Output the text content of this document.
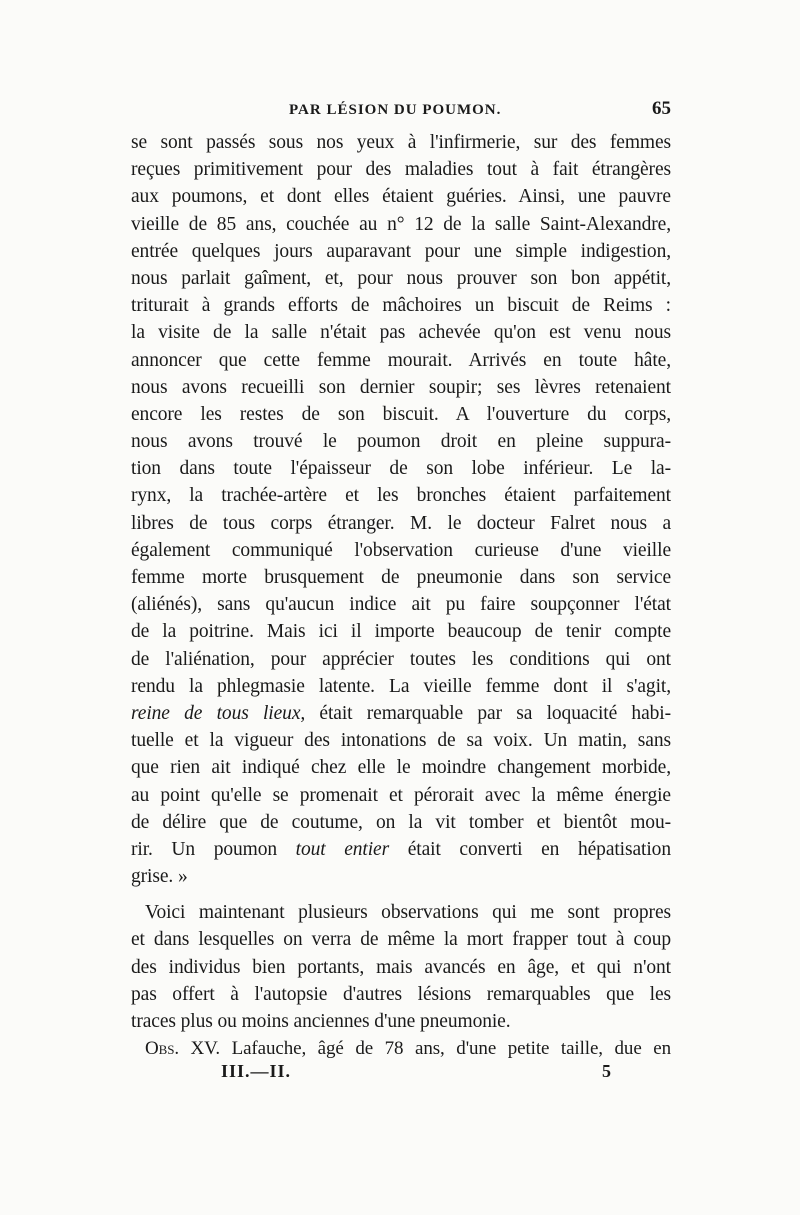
PAR LÉSION DU POUMON.	65
se sont passés sous nos yeux à l'infirmerie, sur des femmes
reçues primitivement pour des maladies tout à fait étrangères
aux poumons, et dont elles étaient guéries. Ainsi, une pauvre
vieille de 85 ans, couchée au n° 12 de la salle Saint-Alexandre,
entrée quelques jours auparavant pour une simple indigestion,
nous parlait gaîment, et, pour nous prouver son bon appétit,
triturait à grands efforts de mâchoires un biscuit de Reims :
la visite de la salle n'était pas achevée qu'on est venu nous
annoncer que cette femme mourait. Arrivés en toute hâte,
nous avons recueilli son dernier soupir; ses lèvres retenaient
encore les restes de son biscuit. A l'ouverture du corps,
nous avons trouvé le poumon droit en pleine suppura-
tion dans toute l'épaisseur de son lobe inférieur. Le la-
rynx, la trachée-artère et les bronches étaient parfaitement
libres de tous corps étranger. M. le docteur Falret nous a
également communiqué l'observation curieuse d'une vieille
femme morte brusquement de pneumonie dans son service
(aliénés), sans qu'aucun indice ait pu faire soupçonner l'état
de la poitrine. Mais ici il importe beaucoup de tenir compte
de l'aliénation, pour apprécier toutes les conditions qui ont
rendu la phlegmasie latente. La vieille femme dont il s'agit,
reine de tous lieux, était remarquable par sa loquacité habi-
tuelle et la vigueur des intonations de sa voix. Un matin, sans
que rien ait indiqué chez elle le moindre changement morbide,
au point qu'elle se promenait et pérorait avec la même énergie
de délire que de coutume, on la vit tomber et bientôt mou-
rir. Un poumon tout entier était converti en hépatisation
grise. »
Voici maintenant plusieurs observations qui me sont propres
et dans lesquelles on verra de même la mort frapper tout à coup
des individus bien portants, mais avancés en âge, et qui n'ont
pas offert à l'autopsie d'autres lésions remarquables que les
traces plus ou moins anciennes d'une pneumonie.
Obs. XV. Lafauche, âgé de 78 ans, d'une petite taille, due en
III.—II.	5
